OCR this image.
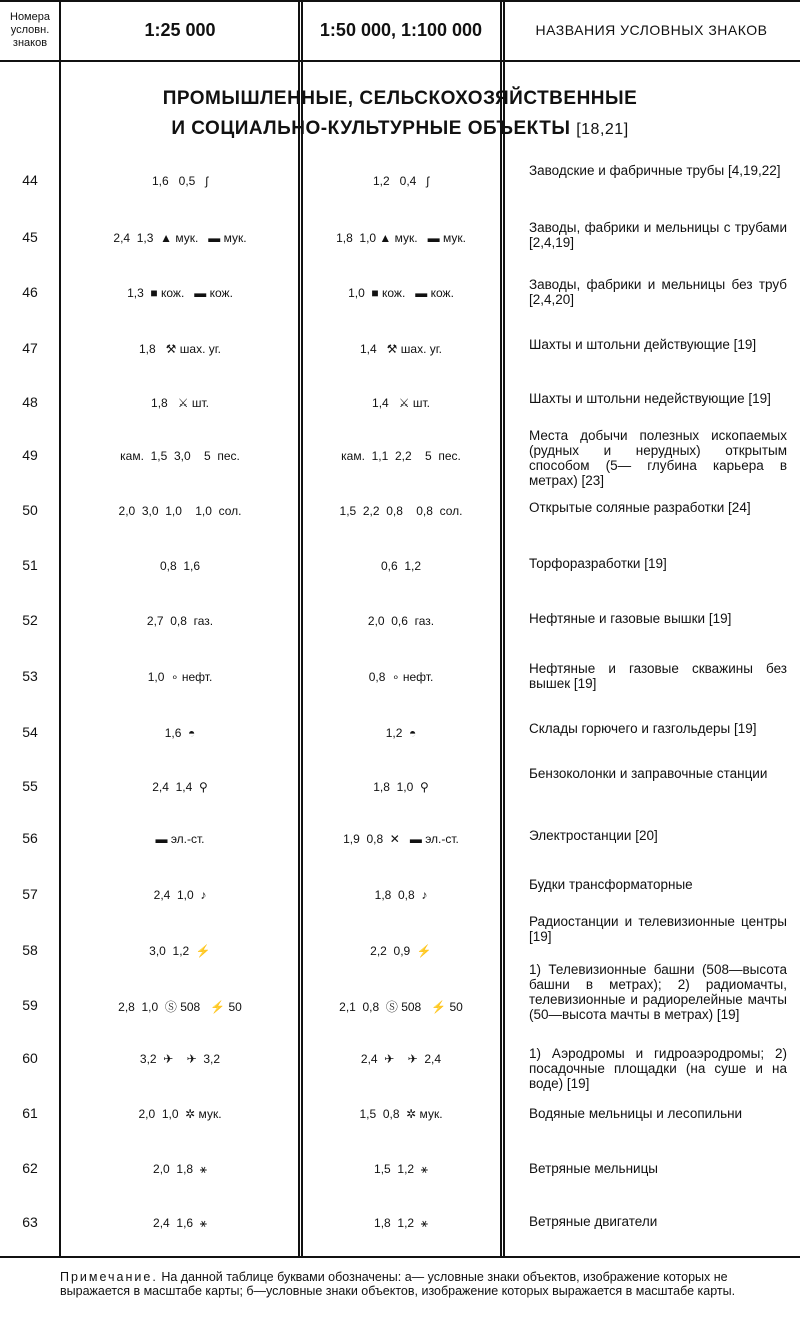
Номера условн. знаков
1:25 000	1:50 000, 1:100 000	НАЗВАНИЯ УСЛОВНЫХ ЗНАКОВ
ПРОМЫШЛЕННЫЕ, СЕЛЬСКОХОЗЯЙСТВЕННЫЕ
И СОЦИАЛЬНО-КУЛЬТУРНЫЕ ОБЪЕКТЫ [18,21]
44	1,6   0,5   ʃ	1,2   0,4   ʃ
Заводские и фабричные трубы [4,19,22]
45	2,4  1,3  ▲ мук.   ▬ мук.	1,8  1,0 ▲ мук.   ▬ мук.
Заводы, фабрики и мельницы с трубами [2,4,19]
46	1,3  ■ кож.   ▬ кож.	1,0  ■ кож.   ▬ кож.
Заводы, фабрики и мельницы без труб [2,4,20]
47	1,8   ⚒ шах. уг.	1,4   ⚒ шах. уг.	Шахты и штольни действующие [19]
48	1,8   ⚔ шт.	1,4   ⚔ шт.	Шахты и штольни недействующие [19]
49	кам.  1,5  3,0    5  пес.	кам.  1,1  2,2    5  пес.
Места добычи полезных ископаемых (рудных и нерудных) открытым способом (5— глубина карьера в метрах) [23]
50	2,0  3,0  1,0    1,0  сол.	1,5  2,2  0,8    0,8  сол.	Открытые соляные разработки [24]
51	0,8  1,6	0,6  1,2	Торфоразработки [19]
52	2,7  0,8  газ.	2,0  0,6  газ.	Нефтяные и газовые вышки [19]
53	1,0  ∘ нефт.	0,8  ∘ нефт.
Нефтяные и газовые скважины без вышек [19]
54	1,6  ◓	1,2  ◓	Склады горючего и газгольдеры [19]
55	2,4  1,4  ⚲	1,8  1,0  ⚲
Бензоколонки и заправочные станции
56	▬ эл.-ст.	1,9  0,8  ✕   ▬ эл.-ст.	Электростанции [20]
57	2,4  1,0  ♪	1,8  0,8  ♪
Будки трансформаторные
58	3,0  1,2  ⚡	2,2  0,9  ⚡
Радиостанции и телевизионные центры [19]
59	2,8  1,0  Ⓢ 508   ⚡ 50	2,1  0,8  Ⓢ 508   ⚡ 50
1) Телевизионные башни (508—высота башни в метрах); 2) радиомачты, телевизионные и радиорелейные мачты (50—высота мачты в метрах) [19]
60	3,2  ✈    ✈  3,2	2,4  ✈    ✈  2,4	1) Аэродромы и гидроаэродромы; 2) посадочные площадки (на суше и на воде) [19]
61	2,0  1,0  ✲ мук.	1,5  0,8  ✲ мук.	Водяные мельницы и лесопильни
62	2,0  1,8  ⚹	1,5  1,2  ⚹	Ветряные мельницы
63	2,4  1,6  ⚹	1,8  1,2  ⚹	Ветряные двигатели
Примечание. На данной таблице буквами обозначены: а— условные знаки объектов, изображение которых не выражается в масштабе карты; б—условные знаки объектов, изображение которых выражается в масштабе карты.
